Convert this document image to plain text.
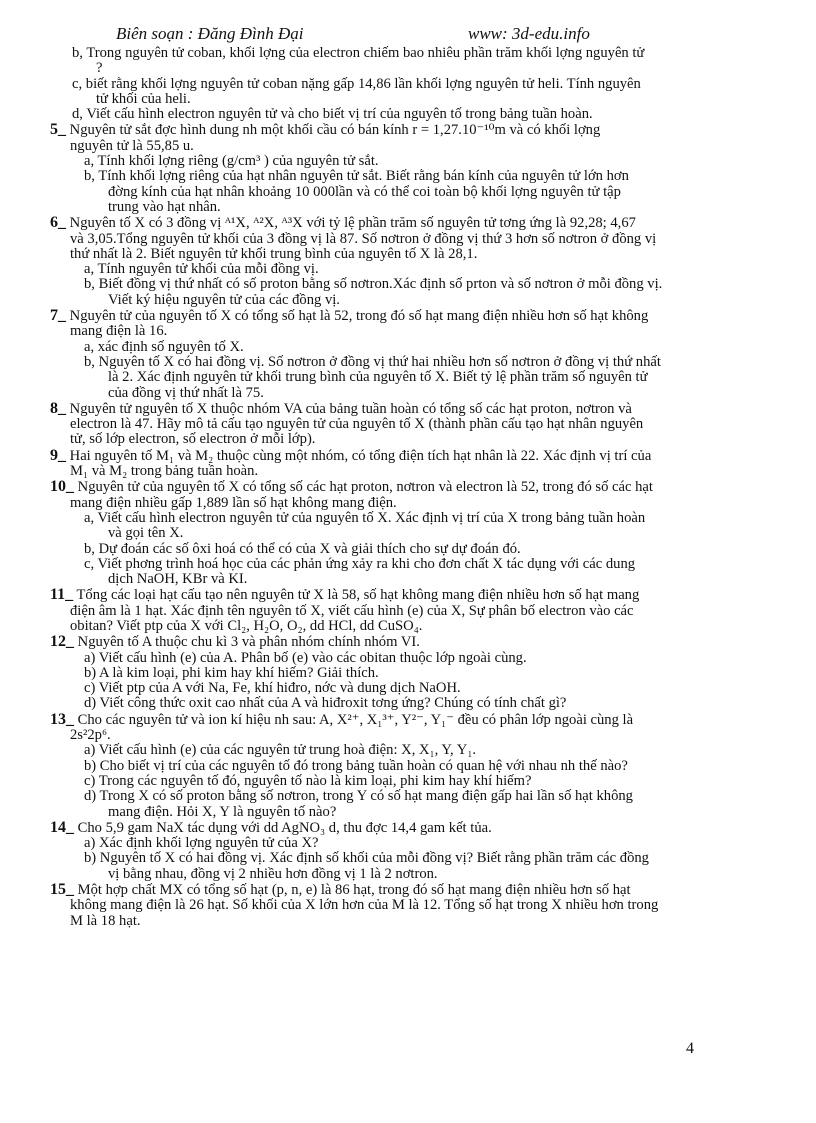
Biên soạn : Đăng Đình Đại	www: 3d-edu.info
b, Trong nguyên tử coban, khối lợng của electron chiếm bao nhiêu phần trăm khối lợng nguyên tử
?
c, biết rằng khối lợng nguyên tử coban nặng gấp 14,86 lần khối lợng nguyên tử heli. Tính nguyên
tử khối của heli.
d, Viết cấu hình electron nguyên tử và cho biết vị trí của nguyên tố trong bảng tuần hoàn.
5_ Nguyên tử sắt đợc hình dung nh một khối cầu có bán kính r = 1,27.10⁻¹⁰m và có khối lợng
nguyên tử là 55,85 u.
a, Tính khối lợng riêng (g/cm³ ) của nguyên tử sắt.
b, Tính khối lợng riêng của hạt nhân nguyên tử sắt. Biết rằng bán kính của nguyên tử lớn hơn
đờng kính của hạt nhân khoảng 10 000lần và có thể coi toàn bộ khối lợng nguyên tử tập
trung vào hạt nhân.
6_ Nguyên tố X có 3 đồng vị ᴬ¹X, ᴬ²X, ᴬ³X với tỷ lệ phần trăm số nguyên tử tơng ứng là 92,28; 4,67
và 3,05.Tổng nguyên tử khối của 3 đồng vị là 87. Số nơtron ở đồng vị thứ 3 hơn số nơtron ở đồng vị
thứ nhất là 2. Biết nguyên tử khối trung bình của nguyên tố X là 28,1.
a, Tính nguyên tử khối của mỗi đồng vị.
b, Biết đồng vị thứ nhất có số proton bằng số nơtron.Xác định số prton và số nơtron ở mỗi đồng vị.
Viết ký hiệu nguyên tử của các đồng vị.
7_ Nguyên tử của nguyên tố X có tổng số hạt là 52, trong đó số hạt mang điện nhiều hơn số hạt không
mang điện là 16.
a, xác định số nguyên tố X.
b, Nguyên tố X có hai đồng vị. Số nơtron ở đồng vị thứ hai nhiều hơn số nơtron ở đồng vị thứ nhất
là 2. Xác định nguyên tử khối trung bình của nguyên tố X. Biết tỷ lệ phần trăm số nguyên tử
của đồng vị thứ nhất là 75.
8_ Nguyên tử nguyên tố X thuộc nhóm VA của bảng tuần hoàn có tổng số các hạt proton, nơtron và
electron là 47. Hãy mô tả cấu tạo nguyên tử của nguyên tố X (thành phần cấu tạo hạt nhân nguyên
tử, số lớp electron, số electron ở mỗi lớp).
9_ Hai nguyên tố M₁ và M₂ thuộc cùng một nhóm, có tổng điện tích hạt nhân là 22. Xác định vị trí của
M₁ và M₂ trong bảng tuần hoàn.
10_ Nguyên tử của nguyên tố X có tổng số các hạt proton, nơtron và electron là 52, trong đó số các hạt
mang điện nhiều gấp 1,889 lần số hạt không mang điện.
a, Viết cấu hình electron nguyên tử của nguyên tố X. Xác định vị trí của X trong bảng tuần hoàn
và gọi tên X.
b, Dự đoán các số ôxi hoá có thể có của X và giải thích cho sự dự đoán đó.
c, Viết phơng trình hoá học của các phản ứng xảy ra khi cho đơn chất X tác dụng với các dung
dịch NaOH, KBr và KI.
11_ Tổng các loại hạt cấu tạo nên nguyên tử X là 58, số hạt không mang điện nhiều hơn số hạt mang
điện âm là 1 hạt. Xác định tên nguyên tố X, viết cấu hình (e) của X, Sự phân bố electron vào các
obitan? Viết ptp của X với Cl₂, H₂O, O₂, dd HCl, dd CuSO₄.
12_ Nguyên tố A thuộc chu kì 3 và phân nhóm chính nhóm VI.
a) Viết cấu hình (e) của A. Phân bố (e) vào các obitan thuộc lớp ngoài cùng.
b) A là kim loại, phi kim hay khí hiếm? Giải thích.
c) Viết ptp của A với Na, Fe, khí hiđro, nớc và dung dịch NaOH.
d) Viết công thức oxit cao nhất của A và hiđroxit tơng ứng? Chúng có tính chất gì?
13_ Cho các nguyên tử và ion kí hiệu nh sau: A, X²⁺, X₁³⁺, Y²⁻, Y₁⁻ đều có phân lớp ngoài cùng là
2s²2p⁶.
a) Viết cấu hình (e) của các nguyên tử trung hoà điện: X, X₁, Y, Y₁.
b) Cho biết vị trí của các nguyên tố đó trong bảng tuần hoàn có quan hệ với nhau nh thế nào?
c) Trong các nguyên tố đó, nguyên tố nào là kim loại, phi kim hay khí hiếm?
d) Trong X có số proton bằng số nơtron, trong Y có số hạt mang điện gấp hai lần số hạt không
mang điện. Hỏi X, Y là nguyên tố nào?
14_ Cho 5,9 gam NaX tác dụng với dd AgNO₃ d, thu đợc 14,4 gam kết tủa.
a) Xác định khối lợng nguyên tử của X?
b) Nguyên tố X có hai đồng vị. Xác định số khối của mỗi đồng vị? Biết rằng phần trăm các đồng
vị bằng nhau, đồng vị 2 nhiều hơn đồng vị 1 là 2 nơtron.
15_ Một hợp chất MX có tổng số hạt (p, n, e) là 86 hạt, trong đó số hạt mang điện nhiều hơn số hạt
không mang điện là 26 hạt. Số khối của X lớn hơn của M là 12. Tổng số hạt trong X nhiều hơn trong
M là 18 hạt.
4
